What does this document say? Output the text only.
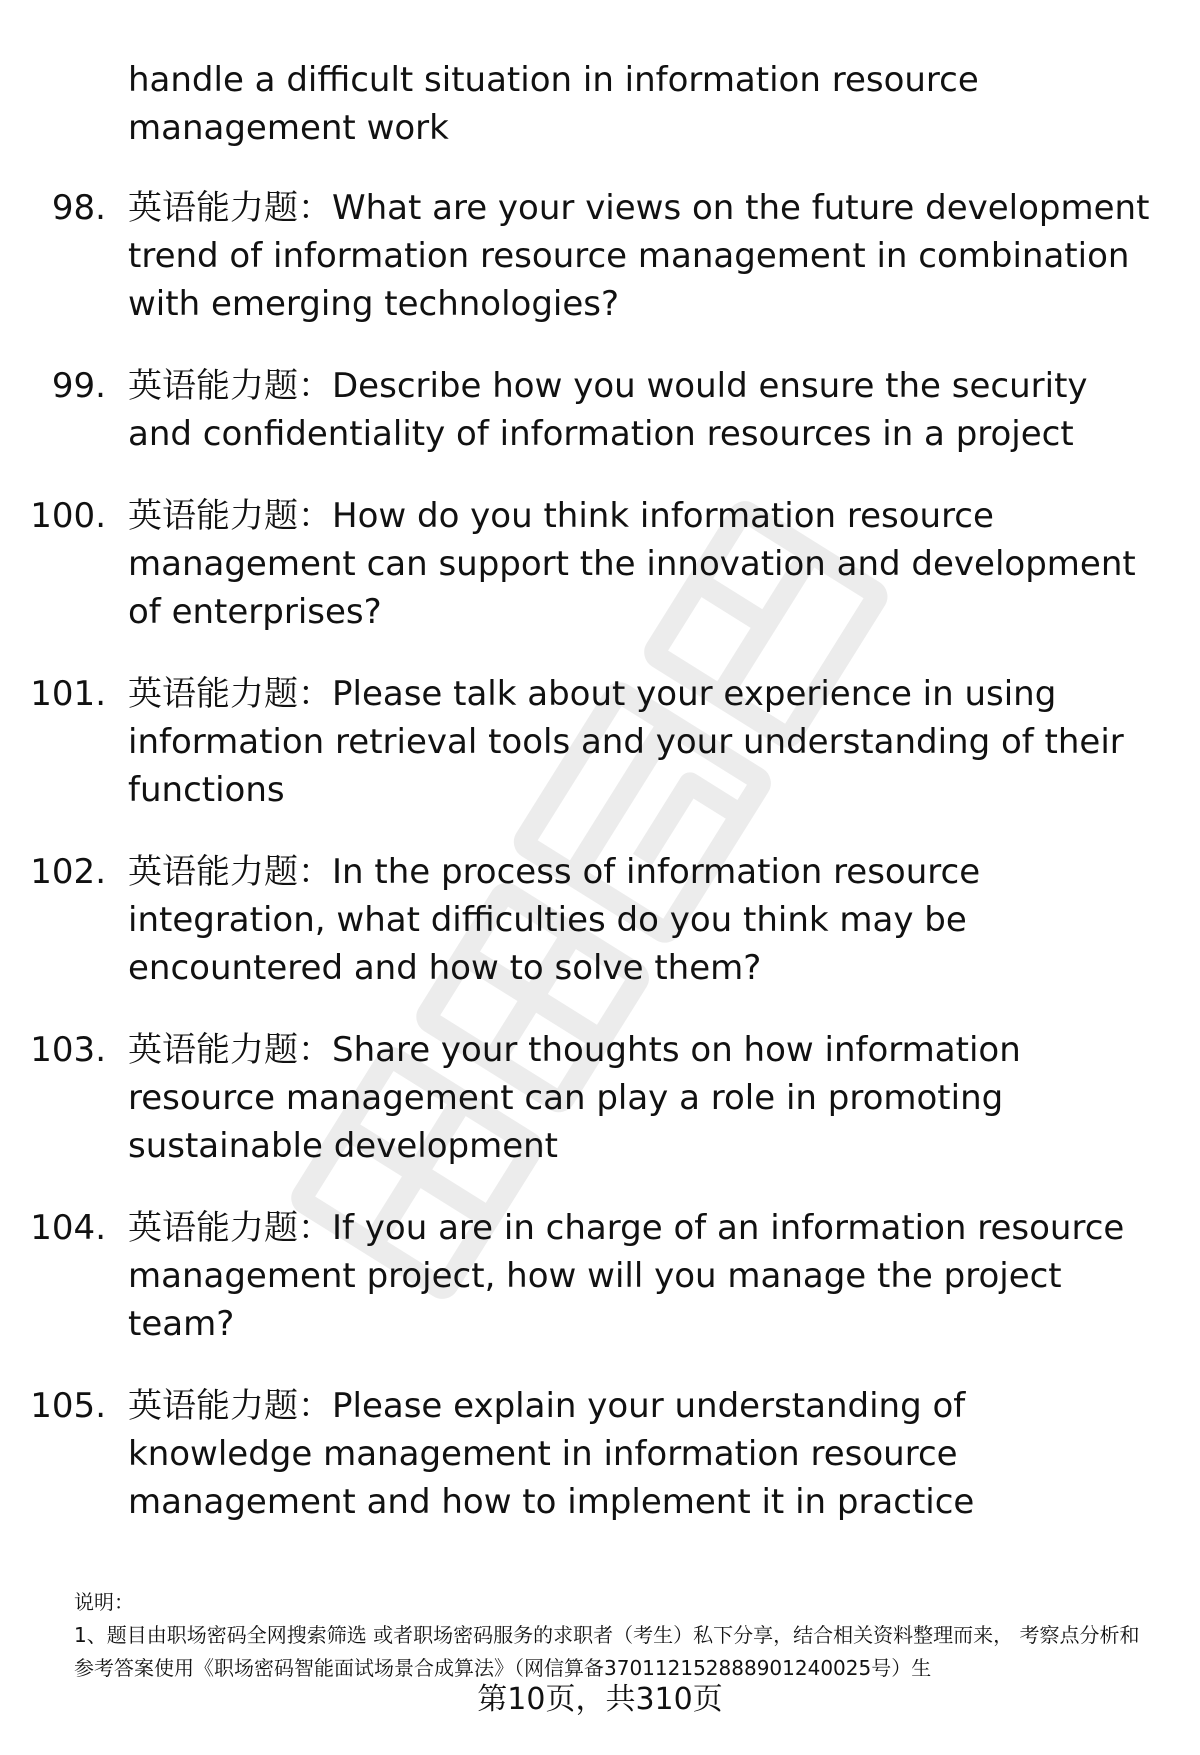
handle a difficult situation in information resource management work

98. 英语能力题：What are your views on the future development trend of information resource management in combination with emerging technologies?
99. 英语能力题：Describe how you would ensure the security and confidentiality of information resources in a project
100. 英语能力题：How do you think information resource management can support the innovation and development of enterprises?
101. 英语能力题：Please talk about your experience in using information retrieval tools and your understanding of their functions
102. 英语能力题：In the process of information resource integration, what difficulties do you think may be encountered and how to solve them?
103. 英语能力题：Share your thoughts on how information resource management can play a role in promoting sustainable development
104. 英语能力题：If you are in charge of an information resource management project, how will you manage the project team?
105. 英语能力题：Please explain your understanding of knowledge management in information resource management and how to implement it in practice

说明：

1、题目由职场密码全网搜索筛选 或者职场密码服务的求职者（考生）私下分享，结合相关资料整理而来， 考察点分析和参考答案使用《职场密码智能面试场景合成算法》（网信算备370112152888901240025号）生

第10页，共310页
